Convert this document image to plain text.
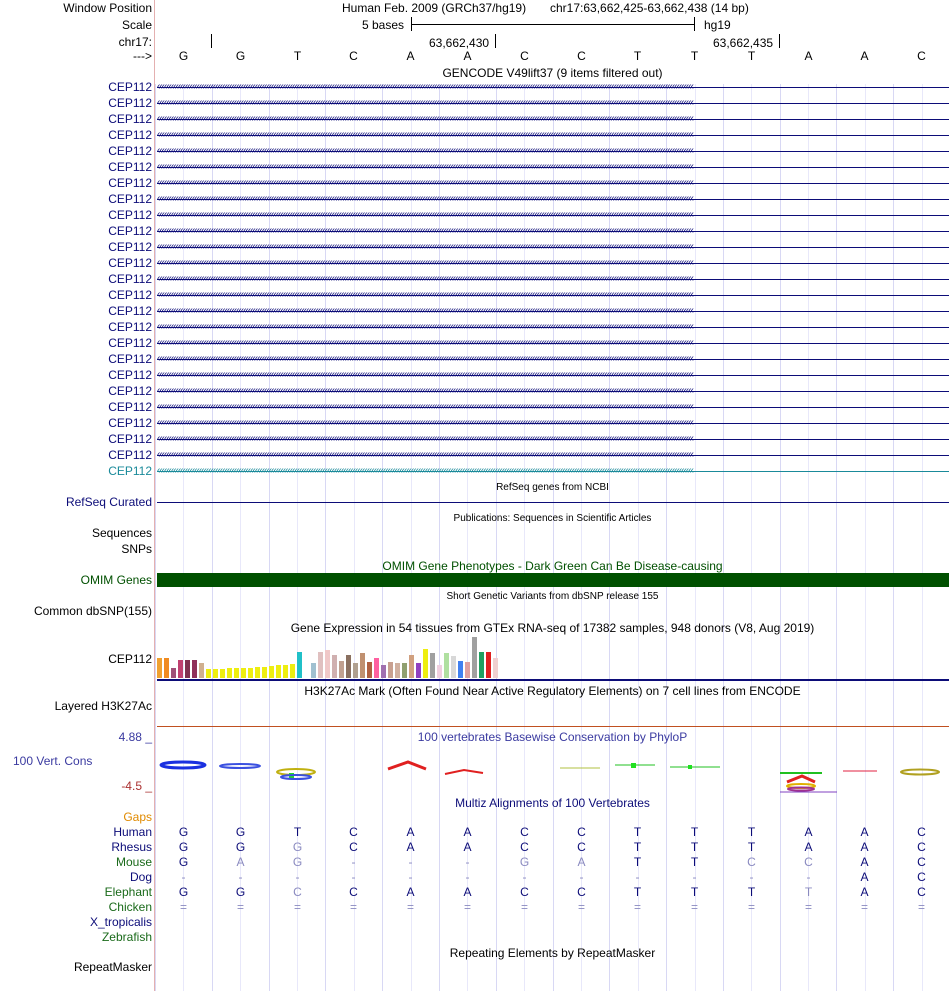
Window Position	Human Feb. 2009 (GRCh37/hg19) chr17:63,662,425-63,662,438 (14 bp)
Scale	5 bases	hg19
chr17:	63,662,430	63,662,435
--->	G	G	T	C	A	A	C	C	T	T	T	A	A	C
GENCODE V49lift37 (9 items filtered out)
CEP112 ‹‹‹‹‹‹‹‹‹‹‹‹‹‹‹‹‹‹‹‹‹‹‹‹‹‹‹‹‹‹‹‹‹‹‹‹‹‹‹‹‹‹‹‹‹‹‹‹‹‹‹‹‹‹‹‹‹‹‹‹‹‹‹‹‹‹‹‹‹‹‹‹‹‹‹‹‹‹‹‹‹‹‹‹‹‹‹‹‹‹‹‹‹‹‹‹‹‹‹‹‹‹‹‹‹‹‹‹‹‹‹‹‹‹‹‹‹‹‹‹‹‹‹‹‹‹‹‹‹‹‹‹‹‹‹‹‹‹‹‹‹‹‹‹‹‹‹‹‹‹‹‹‹‹‹‹‹‹‹‹‹‹‹‹‹‹‹‹‹‹‹‹‹‹‹‹‹‹‹‹‹‹‹‹‹‹‹‹‹‹‹‹‹‹‹‹‹‹‹‹‹‹‹‹‹‹‹‹‹‹‹‹‹‹‹‹‹‹‹‹‹‹‹‹‹‹‹‹‹‹
CEP112 ‹‹‹‹‹‹‹‹‹‹‹‹‹‹‹‹‹‹‹‹‹‹‹‹‹‹‹‹‹‹‹‹‹‹‹‹‹‹‹‹‹‹‹‹‹‹‹‹‹‹‹‹‹‹‹‹‹‹‹‹‹‹‹‹‹‹‹‹‹‹‹‹‹‹‹‹‹‹‹‹‹‹‹‹‹‹‹‹‹‹‹‹‹‹‹‹‹‹‹‹‹‹‹‹‹‹‹‹‹‹‹‹‹‹‹‹‹‹‹‹‹‹‹‹‹‹‹‹‹‹‹‹‹‹‹‹‹‹‹‹‹‹‹‹‹‹‹‹‹‹‹‹‹‹‹‹‹‹‹‹‹‹‹‹‹‹‹‹‹‹‹‹‹‹‹‹‹‹‹‹‹‹‹‹‹‹‹‹‹‹‹‹‹‹‹‹‹‹‹‹‹‹‹‹‹‹‹‹‹‹‹‹‹‹‹‹‹‹‹‹‹‹‹‹‹‹‹‹‹‹
CEP112 ‹‹‹‹‹‹‹‹‹‹‹‹‹‹‹‹‹‹‹‹‹‹‹‹‹‹‹‹‹‹‹‹‹‹‹‹‹‹‹‹‹‹‹‹‹‹‹‹‹‹‹‹‹‹‹‹‹‹‹‹‹‹‹‹‹‹‹‹‹‹‹‹‹‹‹‹‹‹‹‹‹‹‹‹‹‹‹‹‹‹‹‹‹‹‹‹‹‹‹‹‹‹‹‹‹‹‹‹‹‹‹‹‹‹‹‹‹‹‹‹‹‹‹‹‹‹‹‹‹‹‹‹‹‹‹‹‹‹‹‹‹‹‹‹‹‹‹‹‹‹‹‹‹‹‹‹‹‹‹‹‹‹‹‹‹‹‹‹‹‹‹‹‹‹‹‹‹‹‹‹‹‹‹‹‹‹‹‹‹‹‹‹‹‹‹‹‹‹‹‹‹‹‹‹‹‹‹‹‹‹‹‹‹‹‹‹‹‹‹‹‹‹‹‹‹‹‹‹‹‹
CEP112 ‹‹‹‹‹‹‹‹‹‹‹‹‹‹‹‹‹‹‹‹‹‹‹‹‹‹‹‹‹‹‹‹‹‹‹‹‹‹‹‹‹‹‹‹‹‹‹‹‹‹‹‹‹‹‹‹‹‹‹‹‹‹‹‹‹‹‹‹‹‹‹‹‹‹‹‹‹‹‹‹‹‹‹‹‹‹‹‹‹‹‹‹‹‹‹‹‹‹‹‹‹‹‹‹‹‹‹‹‹‹‹‹‹‹‹‹‹‹‹‹‹‹‹‹‹‹‹‹‹‹‹‹‹‹‹‹‹‹‹‹‹‹‹‹‹‹‹‹‹‹‹‹‹‹‹‹‹‹‹‹‹‹‹‹‹‹‹‹‹‹‹‹‹‹‹‹‹‹‹‹‹‹‹‹‹‹‹‹‹‹‹‹‹‹‹‹‹‹‹‹‹‹‹‹‹‹‹‹‹‹‹‹‹‹‹‹‹‹‹‹‹‹‹‹‹‹‹‹‹‹
CEP112 ‹‹‹‹‹‹‹‹‹‹‹‹‹‹‹‹‹‹‹‹‹‹‹‹‹‹‹‹‹‹‹‹‹‹‹‹‹‹‹‹‹‹‹‹‹‹‹‹‹‹‹‹‹‹‹‹‹‹‹‹‹‹‹‹‹‹‹‹‹‹‹‹‹‹‹‹‹‹‹‹‹‹‹‹‹‹‹‹‹‹‹‹‹‹‹‹‹‹‹‹‹‹‹‹‹‹‹‹‹‹‹‹‹‹‹‹‹‹‹‹‹‹‹‹‹‹‹‹‹‹‹‹‹‹‹‹‹‹‹‹‹‹‹‹‹‹‹‹‹‹‹‹‹‹‹‹‹‹‹‹‹‹‹‹‹‹‹‹‹‹‹‹‹‹‹‹‹‹‹‹‹‹‹‹‹‹‹‹‹‹‹‹‹‹‹‹‹‹‹‹‹‹‹‹‹‹‹‹‹‹‹‹‹‹‹‹‹‹‹‹‹‹‹‹‹‹‹‹‹‹
CEP112 ‹‹‹‹‹‹‹‹‹‹‹‹‹‹‹‹‹‹‹‹‹‹‹‹‹‹‹‹‹‹‹‹‹‹‹‹‹‹‹‹‹‹‹‹‹‹‹‹‹‹‹‹‹‹‹‹‹‹‹‹‹‹‹‹‹‹‹‹‹‹‹‹‹‹‹‹‹‹‹‹‹‹‹‹‹‹‹‹‹‹‹‹‹‹‹‹‹‹‹‹‹‹‹‹‹‹‹‹‹‹‹‹‹‹‹‹‹‹‹‹‹‹‹‹‹‹‹‹‹‹‹‹‹‹‹‹‹‹‹‹‹‹‹‹‹‹‹‹‹‹‹‹‹‹‹‹‹‹‹‹‹‹‹‹‹‹‹‹‹‹‹‹‹‹‹‹‹‹‹‹‹‹‹‹‹‹‹‹‹‹‹‹‹‹‹‹‹‹‹‹‹‹‹‹‹‹‹‹‹‹‹‹‹‹‹‹‹‹‹‹‹‹‹‹‹‹‹‹‹‹
CEP112 ‹‹‹‹‹‹‹‹‹‹‹‹‹‹‹‹‹‹‹‹‹‹‹‹‹‹‹‹‹‹‹‹‹‹‹‹‹‹‹‹‹‹‹‹‹‹‹‹‹‹‹‹‹‹‹‹‹‹‹‹‹‹‹‹‹‹‹‹‹‹‹‹‹‹‹‹‹‹‹‹‹‹‹‹‹‹‹‹‹‹‹‹‹‹‹‹‹‹‹‹‹‹‹‹‹‹‹‹‹‹‹‹‹‹‹‹‹‹‹‹‹‹‹‹‹‹‹‹‹‹‹‹‹‹‹‹‹‹‹‹‹‹‹‹‹‹‹‹‹‹‹‹‹‹‹‹‹‹‹‹‹‹‹‹‹‹‹‹‹‹‹‹‹‹‹‹‹‹‹‹‹‹‹‹‹‹‹‹‹‹‹‹‹‹‹‹‹‹‹‹‹‹‹‹‹‹‹‹‹‹‹‹‹‹‹‹‹‹‹‹‹‹‹‹‹‹‹‹‹‹
CEP112 ‹‹‹‹‹‹‹‹‹‹‹‹‹‹‹‹‹‹‹‹‹‹‹‹‹‹‹‹‹‹‹‹‹‹‹‹‹‹‹‹‹‹‹‹‹‹‹‹‹‹‹‹‹‹‹‹‹‹‹‹‹‹‹‹‹‹‹‹‹‹‹‹‹‹‹‹‹‹‹‹‹‹‹‹‹‹‹‹‹‹‹‹‹‹‹‹‹‹‹‹‹‹‹‹‹‹‹‹‹‹‹‹‹‹‹‹‹‹‹‹‹‹‹‹‹‹‹‹‹‹‹‹‹‹‹‹‹‹‹‹‹‹‹‹‹‹‹‹‹‹‹‹‹‹‹‹‹‹‹‹‹‹‹‹‹‹‹‹‹‹‹‹‹‹‹‹‹‹‹‹‹‹‹‹‹‹‹‹‹‹‹‹‹‹‹‹‹‹‹‹‹‹‹‹‹‹‹‹‹‹‹‹‹‹‹‹‹‹‹‹‹‹‹‹‹‹‹‹‹‹
CEP112 ‹‹‹‹‹‹‹‹‹‹‹‹‹‹‹‹‹‹‹‹‹‹‹‹‹‹‹‹‹‹‹‹‹‹‹‹‹‹‹‹‹‹‹‹‹‹‹‹‹‹‹‹‹‹‹‹‹‹‹‹‹‹‹‹‹‹‹‹‹‹‹‹‹‹‹‹‹‹‹‹‹‹‹‹‹‹‹‹‹‹‹‹‹‹‹‹‹‹‹‹‹‹‹‹‹‹‹‹‹‹‹‹‹‹‹‹‹‹‹‹‹‹‹‹‹‹‹‹‹‹‹‹‹‹‹‹‹‹‹‹‹‹‹‹‹‹‹‹‹‹‹‹‹‹‹‹‹‹‹‹‹‹‹‹‹‹‹‹‹‹‹‹‹‹‹‹‹‹‹‹‹‹‹‹‹‹‹‹‹‹‹‹‹‹‹‹‹‹‹‹‹‹‹‹‹‹‹‹‹‹‹‹‹‹‹‹‹‹‹‹‹‹‹‹‹‹‹‹‹‹
CEP112 ‹‹‹‹‹‹‹‹‹‹‹‹‹‹‹‹‹‹‹‹‹‹‹‹‹‹‹‹‹‹‹‹‹‹‹‹‹‹‹‹‹‹‹‹‹‹‹‹‹‹‹‹‹‹‹‹‹‹‹‹‹‹‹‹‹‹‹‹‹‹‹‹‹‹‹‹‹‹‹‹‹‹‹‹‹‹‹‹‹‹‹‹‹‹‹‹‹‹‹‹‹‹‹‹‹‹‹‹‹‹‹‹‹‹‹‹‹‹‹‹‹‹‹‹‹‹‹‹‹‹‹‹‹‹‹‹‹‹‹‹‹‹‹‹‹‹‹‹‹‹‹‹‹‹‹‹‹‹‹‹‹‹‹‹‹‹‹‹‹‹‹‹‹‹‹‹‹‹‹‹‹‹‹‹‹‹‹‹‹‹‹‹‹‹‹‹‹‹‹‹‹‹‹‹‹‹‹‹‹‹‹‹‹‹‹‹‹‹‹‹‹‹‹‹‹‹‹‹‹‹
CEP112 ‹‹‹‹‹‹‹‹‹‹‹‹‹‹‹‹‹‹‹‹‹‹‹‹‹‹‹‹‹‹‹‹‹‹‹‹‹‹‹‹‹‹‹‹‹‹‹‹‹‹‹‹‹‹‹‹‹‹‹‹‹‹‹‹‹‹‹‹‹‹‹‹‹‹‹‹‹‹‹‹‹‹‹‹‹‹‹‹‹‹‹‹‹‹‹‹‹‹‹‹‹‹‹‹‹‹‹‹‹‹‹‹‹‹‹‹‹‹‹‹‹‹‹‹‹‹‹‹‹‹‹‹‹‹‹‹‹‹‹‹‹‹‹‹‹‹‹‹‹‹‹‹‹‹‹‹‹‹‹‹‹‹‹‹‹‹‹‹‹‹‹‹‹‹‹‹‹‹‹‹‹‹‹‹‹‹‹‹‹‹‹‹‹‹‹‹‹‹‹‹‹‹‹‹‹‹‹‹‹‹‹‹‹‹‹‹‹‹‹‹‹‹‹‹‹‹‹‹‹‹
CEP112 ‹‹‹‹‹‹‹‹‹‹‹‹‹‹‹‹‹‹‹‹‹‹‹‹‹‹‹‹‹‹‹‹‹‹‹‹‹‹‹‹‹‹‹‹‹‹‹‹‹‹‹‹‹‹‹‹‹‹‹‹‹‹‹‹‹‹‹‹‹‹‹‹‹‹‹‹‹‹‹‹‹‹‹‹‹‹‹‹‹‹‹‹‹‹‹‹‹‹‹‹‹‹‹‹‹‹‹‹‹‹‹‹‹‹‹‹‹‹‹‹‹‹‹‹‹‹‹‹‹‹‹‹‹‹‹‹‹‹‹‹‹‹‹‹‹‹‹‹‹‹‹‹‹‹‹‹‹‹‹‹‹‹‹‹‹‹‹‹‹‹‹‹‹‹‹‹‹‹‹‹‹‹‹‹‹‹‹‹‹‹‹‹‹‹‹‹‹‹‹‹‹‹‹‹‹‹‹‹‹‹‹‹‹‹‹‹‹‹‹‹‹‹‹‹‹‹‹‹‹‹
CEP112 ‹‹‹‹‹‹‹‹‹‹‹‹‹‹‹‹‹‹‹‹‹‹‹‹‹‹‹‹‹‹‹‹‹‹‹‹‹‹‹‹‹‹‹‹‹‹‹‹‹‹‹‹‹‹‹‹‹‹‹‹‹‹‹‹‹‹‹‹‹‹‹‹‹‹‹‹‹‹‹‹‹‹‹‹‹‹‹‹‹‹‹‹‹‹‹‹‹‹‹‹‹‹‹‹‹‹‹‹‹‹‹‹‹‹‹‹‹‹‹‹‹‹‹‹‹‹‹‹‹‹‹‹‹‹‹‹‹‹‹‹‹‹‹‹‹‹‹‹‹‹‹‹‹‹‹‹‹‹‹‹‹‹‹‹‹‹‹‹‹‹‹‹‹‹‹‹‹‹‹‹‹‹‹‹‹‹‹‹‹‹‹‹‹‹‹‹‹‹‹‹‹‹‹‹‹‹‹‹‹‹‹‹‹‹‹‹‹‹‹‹‹‹‹‹‹‹‹‹‹‹
CEP112 ‹‹‹‹‹‹‹‹‹‹‹‹‹‹‹‹‹‹‹‹‹‹‹‹‹‹‹‹‹‹‹‹‹‹‹‹‹‹‹‹‹‹‹‹‹‹‹‹‹‹‹‹‹‹‹‹‹‹‹‹‹‹‹‹‹‹‹‹‹‹‹‹‹‹‹‹‹‹‹‹‹‹‹‹‹‹‹‹‹‹‹‹‹‹‹‹‹‹‹‹‹‹‹‹‹‹‹‹‹‹‹‹‹‹‹‹‹‹‹‹‹‹‹‹‹‹‹‹‹‹‹‹‹‹‹‹‹‹‹‹‹‹‹‹‹‹‹‹‹‹‹‹‹‹‹‹‹‹‹‹‹‹‹‹‹‹‹‹‹‹‹‹‹‹‹‹‹‹‹‹‹‹‹‹‹‹‹‹‹‹‹‹‹‹‹‹‹‹‹‹‹‹‹‹‹‹‹‹‹‹‹‹‹‹‹‹‹‹‹‹‹‹‹‹‹‹‹‹‹‹
CEP112 ‹‹‹‹‹‹‹‹‹‹‹‹‹‹‹‹‹‹‹‹‹‹‹‹‹‹‹‹‹‹‹‹‹‹‹‹‹‹‹‹‹‹‹‹‹‹‹‹‹‹‹‹‹‹‹‹‹‹‹‹‹‹‹‹‹‹‹‹‹‹‹‹‹‹‹‹‹‹‹‹‹‹‹‹‹‹‹‹‹‹‹‹‹‹‹‹‹‹‹‹‹‹‹‹‹‹‹‹‹‹‹‹‹‹‹‹‹‹‹‹‹‹‹‹‹‹‹‹‹‹‹‹‹‹‹‹‹‹‹‹‹‹‹‹‹‹‹‹‹‹‹‹‹‹‹‹‹‹‹‹‹‹‹‹‹‹‹‹‹‹‹‹‹‹‹‹‹‹‹‹‹‹‹‹‹‹‹‹‹‹‹‹‹‹‹‹‹‹‹‹‹‹‹‹‹‹‹‹‹‹‹‹‹‹‹‹‹‹‹‹‹‹‹‹‹‹‹‹‹‹
CEP112 ‹‹‹‹‹‹‹‹‹‹‹‹‹‹‹‹‹‹‹‹‹‹‹‹‹‹‹‹‹‹‹‹‹‹‹‹‹‹‹‹‹‹‹‹‹‹‹‹‹‹‹‹‹‹‹‹‹‹‹‹‹‹‹‹‹‹‹‹‹‹‹‹‹‹‹‹‹‹‹‹‹‹‹‹‹‹‹‹‹‹‹‹‹‹‹‹‹‹‹‹‹‹‹‹‹‹‹‹‹‹‹‹‹‹‹‹‹‹‹‹‹‹‹‹‹‹‹‹‹‹‹‹‹‹‹‹‹‹‹‹‹‹‹‹‹‹‹‹‹‹‹‹‹‹‹‹‹‹‹‹‹‹‹‹‹‹‹‹‹‹‹‹‹‹‹‹‹‹‹‹‹‹‹‹‹‹‹‹‹‹‹‹‹‹‹‹‹‹‹‹‹‹‹‹‹‹‹‹‹‹‹‹‹‹‹‹‹‹‹‹‹‹‹‹‹‹‹‹‹‹
CEP112 ‹‹‹‹‹‹‹‹‹‹‹‹‹‹‹‹‹‹‹‹‹‹‹‹‹‹‹‹‹‹‹‹‹‹‹‹‹‹‹‹‹‹‹‹‹‹‹‹‹‹‹‹‹‹‹‹‹‹‹‹‹‹‹‹‹‹‹‹‹‹‹‹‹‹‹‹‹‹‹‹‹‹‹‹‹‹‹‹‹‹‹‹‹‹‹‹‹‹‹‹‹‹‹‹‹‹‹‹‹‹‹‹‹‹‹‹‹‹‹‹‹‹‹‹‹‹‹‹‹‹‹‹‹‹‹‹‹‹‹‹‹‹‹‹‹‹‹‹‹‹‹‹‹‹‹‹‹‹‹‹‹‹‹‹‹‹‹‹‹‹‹‹‹‹‹‹‹‹‹‹‹‹‹‹‹‹‹‹‹‹‹‹‹‹‹‹‹‹‹‹‹‹‹‹‹‹‹‹‹‹‹‹‹‹‹‹‹‹‹‹‹‹‹‹‹‹‹‹‹‹
CEP112 ‹‹‹‹‹‹‹‹‹‹‹‹‹‹‹‹‹‹‹‹‹‹‹‹‹‹‹‹‹‹‹‹‹‹‹‹‹‹‹‹‹‹‹‹‹‹‹‹‹‹‹‹‹‹‹‹‹‹‹‹‹‹‹‹‹‹‹‹‹‹‹‹‹‹‹‹‹‹‹‹‹‹‹‹‹‹‹‹‹‹‹‹‹‹‹‹‹‹‹‹‹‹‹‹‹‹‹‹‹‹‹‹‹‹‹‹‹‹‹‹‹‹‹‹‹‹‹‹‹‹‹‹‹‹‹‹‹‹‹‹‹‹‹‹‹‹‹‹‹‹‹‹‹‹‹‹‹‹‹‹‹‹‹‹‹‹‹‹‹‹‹‹‹‹‹‹‹‹‹‹‹‹‹‹‹‹‹‹‹‹‹‹‹‹‹‹‹‹‹‹‹‹‹‹‹‹‹‹‹‹‹‹‹‹‹‹‹‹‹‹‹‹‹‹‹‹‹‹‹‹
CEP112 ‹‹‹‹‹‹‹‹‹‹‹‹‹‹‹‹‹‹‹‹‹‹‹‹‹‹‹‹‹‹‹‹‹‹‹‹‹‹‹‹‹‹‹‹‹‹‹‹‹‹‹‹‹‹‹‹‹‹‹‹‹‹‹‹‹‹‹‹‹‹‹‹‹‹‹‹‹‹‹‹‹‹‹‹‹‹‹‹‹‹‹‹‹‹‹‹‹‹‹‹‹‹‹‹‹‹‹‹‹‹‹‹‹‹‹‹‹‹‹‹‹‹‹‹‹‹‹‹‹‹‹‹‹‹‹‹‹‹‹‹‹‹‹‹‹‹‹‹‹‹‹‹‹‹‹‹‹‹‹‹‹‹‹‹‹‹‹‹‹‹‹‹‹‹‹‹‹‹‹‹‹‹‹‹‹‹‹‹‹‹‹‹‹‹‹‹‹‹‹‹‹‹‹‹‹‹‹‹‹‹‹‹‹‹‹‹‹‹‹‹‹‹‹‹‹‹‹‹‹‹
CEP112 ‹‹‹‹‹‹‹‹‹‹‹‹‹‹‹‹‹‹‹‹‹‹‹‹‹‹‹‹‹‹‹‹‹‹‹‹‹‹‹‹‹‹‹‹‹‹‹‹‹‹‹‹‹‹‹‹‹‹‹‹‹‹‹‹‹‹‹‹‹‹‹‹‹‹‹‹‹‹‹‹‹‹‹‹‹‹‹‹‹‹‹‹‹‹‹‹‹‹‹‹‹‹‹‹‹‹‹‹‹‹‹‹‹‹‹‹‹‹‹‹‹‹‹‹‹‹‹‹‹‹‹‹‹‹‹‹‹‹‹‹‹‹‹‹‹‹‹‹‹‹‹‹‹‹‹‹‹‹‹‹‹‹‹‹‹‹‹‹‹‹‹‹‹‹‹‹‹‹‹‹‹‹‹‹‹‹‹‹‹‹‹‹‹‹‹‹‹‹‹‹‹‹‹‹‹‹‹‹‹‹‹‹‹‹‹‹‹‹‹‹‹‹‹‹‹‹‹‹‹‹
CEP112 ‹‹‹‹‹‹‹‹‹‹‹‹‹‹‹‹‹‹‹‹‹‹‹‹‹‹‹‹‹‹‹‹‹‹‹‹‹‹‹‹‹‹‹‹‹‹‹‹‹‹‹‹‹‹‹‹‹‹‹‹‹‹‹‹‹‹‹‹‹‹‹‹‹‹‹‹‹‹‹‹‹‹‹‹‹‹‹‹‹‹‹‹‹‹‹‹‹‹‹‹‹‹‹‹‹‹‹‹‹‹‹‹‹‹‹‹‹‹‹‹‹‹‹‹‹‹‹‹‹‹‹‹‹‹‹‹‹‹‹‹‹‹‹‹‹‹‹‹‹‹‹‹‹‹‹‹‹‹‹‹‹‹‹‹‹‹‹‹‹‹‹‹‹‹‹‹‹‹‹‹‹‹‹‹‹‹‹‹‹‹‹‹‹‹‹‹‹‹‹‹‹‹‹‹‹‹‹‹‹‹‹‹‹‹‹‹‹‹‹‹‹‹‹‹‹‹‹‹‹‹
CEP112 ‹‹‹‹‹‹‹‹‹‹‹‹‹‹‹‹‹‹‹‹‹‹‹‹‹‹‹‹‹‹‹‹‹‹‹‹‹‹‹‹‹‹‹‹‹‹‹‹‹‹‹‹‹‹‹‹‹‹‹‹‹‹‹‹‹‹‹‹‹‹‹‹‹‹‹‹‹‹‹‹‹‹‹‹‹‹‹‹‹‹‹‹‹‹‹‹‹‹‹‹‹‹‹‹‹‹‹‹‹‹‹‹‹‹‹‹‹‹‹‹‹‹‹‹‹‹‹‹‹‹‹‹‹‹‹‹‹‹‹‹‹‹‹‹‹‹‹‹‹‹‹‹‹‹‹‹‹‹‹‹‹‹‹‹‹‹‹‹‹‹‹‹‹‹‹‹‹‹‹‹‹‹‹‹‹‹‹‹‹‹‹‹‹‹‹‹‹‹‹‹‹‹‹‹‹‹‹‹‹‹‹‹‹‹‹‹‹‹‹‹‹‹‹‹‹‹‹‹‹‹
CEP112 ‹‹‹‹‹‹‹‹‹‹‹‹‹‹‹‹‹‹‹‹‹‹‹‹‹‹‹‹‹‹‹‹‹‹‹‹‹‹‹‹‹‹‹‹‹‹‹‹‹‹‹‹‹‹‹‹‹‹‹‹‹‹‹‹‹‹‹‹‹‹‹‹‹‹‹‹‹‹‹‹‹‹‹‹‹‹‹‹‹‹‹‹‹‹‹‹‹‹‹‹‹‹‹‹‹‹‹‹‹‹‹‹‹‹‹‹‹‹‹‹‹‹‹‹‹‹‹‹‹‹‹‹‹‹‹‹‹‹‹‹‹‹‹‹‹‹‹‹‹‹‹‹‹‹‹‹‹‹‹‹‹‹‹‹‹‹‹‹‹‹‹‹‹‹‹‹‹‹‹‹‹‹‹‹‹‹‹‹‹‹‹‹‹‹‹‹‹‹‹‹‹‹‹‹‹‹‹‹‹‹‹‹‹‹‹‹‹‹‹‹‹‹‹‹‹‹‹‹‹‹
CEP112 ‹‹‹‹‹‹‹‹‹‹‹‹‹‹‹‹‹‹‹‹‹‹‹‹‹‹‹‹‹‹‹‹‹‹‹‹‹‹‹‹‹‹‹‹‹‹‹‹‹‹‹‹‹‹‹‹‹‹‹‹‹‹‹‹‹‹‹‹‹‹‹‹‹‹‹‹‹‹‹‹‹‹‹‹‹‹‹‹‹‹‹‹‹‹‹‹‹‹‹‹‹‹‹‹‹‹‹‹‹‹‹‹‹‹‹‹‹‹‹‹‹‹‹‹‹‹‹‹‹‹‹‹‹‹‹‹‹‹‹‹‹‹‹‹‹‹‹‹‹‹‹‹‹‹‹‹‹‹‹‹‹‹‹‹‹‹‹‹‹‹‹‹‹‹‹‹‹‹‹‹‹‹‹‹‹‹‹‹‹‹‹‹‹‹‹‹‹‹‹‹‹‹‹‹‹‹‹‹‹‹‹‹‹‹‹‹‹‹‹‹‹‹‹‹‹‹‹‹‹‹
CEP112 ‹‹‹‹‹‹‹‹‹‹‹‹‹‹‹‹‹‹‹‹‹‹‹‹‹‹‹‹‹‹‹‹‹‹‹‹‹‹‹‹‹‹‹‹‹‹‹‹‹‹‹‹‹‹‹‹‹‹‹‹‹‹‹‹‹‹‹‹‹‹‹‹‹‹‹‹‹‹‹‹‹‹‹‹‹‹‹‹‹‹‹‹‹‹‹‹‹‹‹‹‹‹‹‹‹‹‹‹‹‹‹‹‹‹‹‹‹‹‹‹‹‹‹‹‹‹‹‹‹‹‹‹‹‹‹‹‹‹‹‹‹‹‹‹‹‹‹‹‹‹‹‹‹‹‹‹‹‹‹‹‹‹‹‹‹‹‹‹‹‹‹‹‹‹‹‹‹‹‹‹‹‹‹‹‹‹‹‹‹‹‹‹‹‹‹‹‹‹‹‹‹‹‹‹‹‹‹‹‹‹‹‹‹‹‹‹‹‹‹‹‹‹‹‹‹‹‹‹‹‹
RefSeq genes from NCBI
RefSeq Curated
Publications: Sequences in Scientific Articles
Sequences
SNPs
OMIM Gene Phenotypes - Dark Green Can Be Disease-causing
OMIM Genes
Short Genetic Variants from dbSNP release 155
Common dbSNP(155)
Gene Expression in 54 tissues from GTEx RNA-seq of 17382 samples, 948 donors (V8, Aug 2019)
CEP112
H3K27Ac Mark (Often Found Near Active Regulatory Elements) on 7 cell lines from ENCODE
Layered H3K27Ac
100 vertebrates Basewise Conservation by PhyloP
4.88 _
100 Vert. Cons
-4.5 _
Multiz Alignments of 100 Vertebrates
Gaps
Human	G	G	T	C	A	A	C	C	T	T	T	A	A	C
Rhesus	G	G	G	C	A	A	C	C	T	T	T	A	A	C
Mouse	G	A	G	-	-	-	G	A	T	T	C	C	A	C
Dog	-	-	-	-	-	-	-	-	-	-	-	-	A	C
Elephant	G	G	C	C	A	A	C	C	T	T	T	T	A	C
Chicken	=	=	=	=	=	=	=	=	=	=	=	=	=	=
X_tropicalis
Zebrafish
Repeating Elements by RepeatMasker
RepeatMasker
